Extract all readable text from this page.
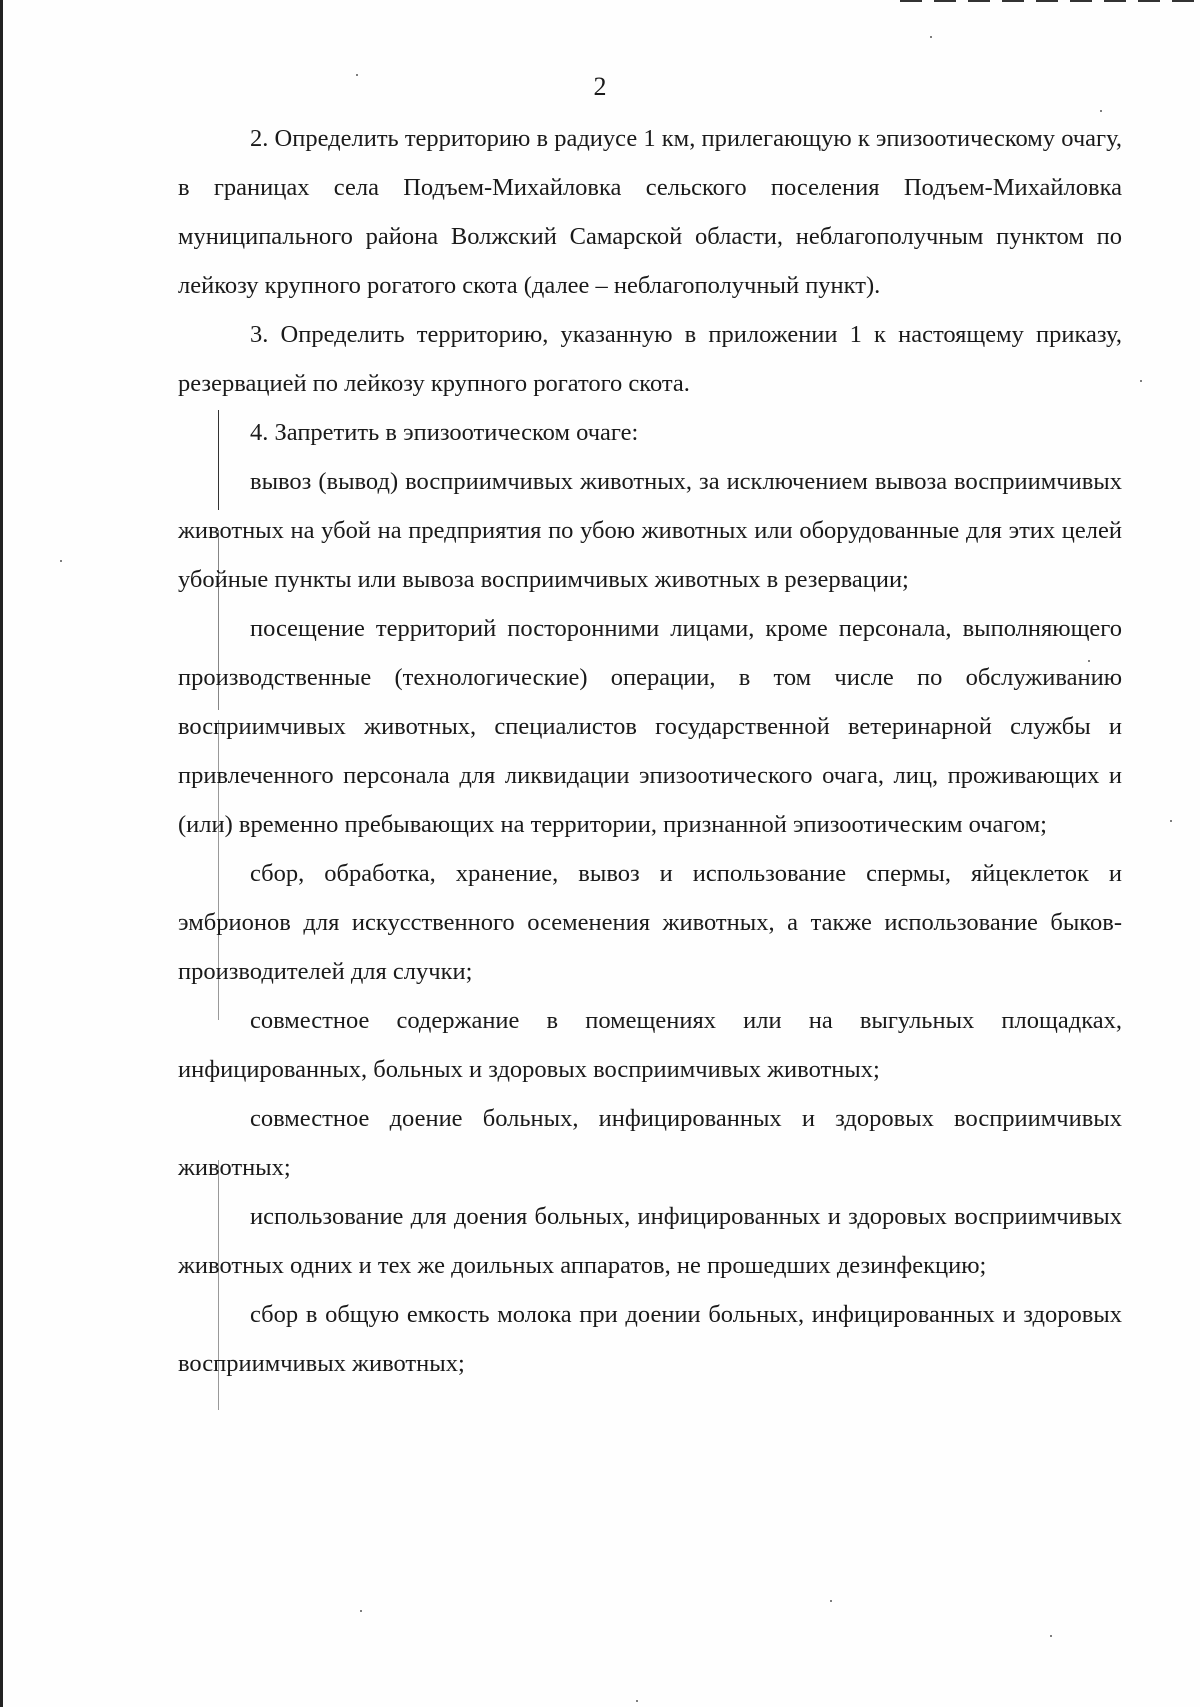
2

2. Определить территорию в радиусе 1 км, прилегающую к эпизоотическому очагу, в границах села Подъем-Михайловка сельского поселения Подъем-Михайловка муниципального района Волжский Самарской области, неблагополучным пунктом по лейкозу крупного рогатого скота (далее – неблагополучный пункт).

3. Определить территорию, указанную в приложении 1 к настоящему приказу, резервацией по лейкозу крупного рогатого скота.

4. Запретить в эпизоотическом очаге:

вывоз (вывод) восприимчивых животных, за исключением вывоза восприимчивых животных на убой на предприятия по убою животных или оборудованные для этих целей убойные пункты или вывоза восприимчивых животных в резервации;

посещение территорий посторонними лицами, кроме персонала, выполняющего производственные (технологические) операции, в том числе по обслуживанию восприимчивых животных, специалистов государственной ветеринарной службы и привлеченного персонала для ликвидации эпизоотического очага, лиц, проживающих и (или) временно пребывающих на территории, признанной эпизоотическим очагом;

сбор, обработка, хранение, вывоз и использование спермы, яйцеклеток и эмбрионов для искусственного осеменения животных, а также использование быков-производителей для случки;

совместное содержание в помещениях или на выгульных площадках, инфицированных, больных и здоровых восприимчивых животных;

совместное доение больных, инфицированных и здоровых восприимчивых животных;

использование для доения больных, инфицированных и здоровых восприимчивых животных одних и тех же доильных аппаратов, не прошедших дезинфекцию;

сбор в общую емкость молока при доении больных, инфицированных и здоровых восприимчивых животных;
